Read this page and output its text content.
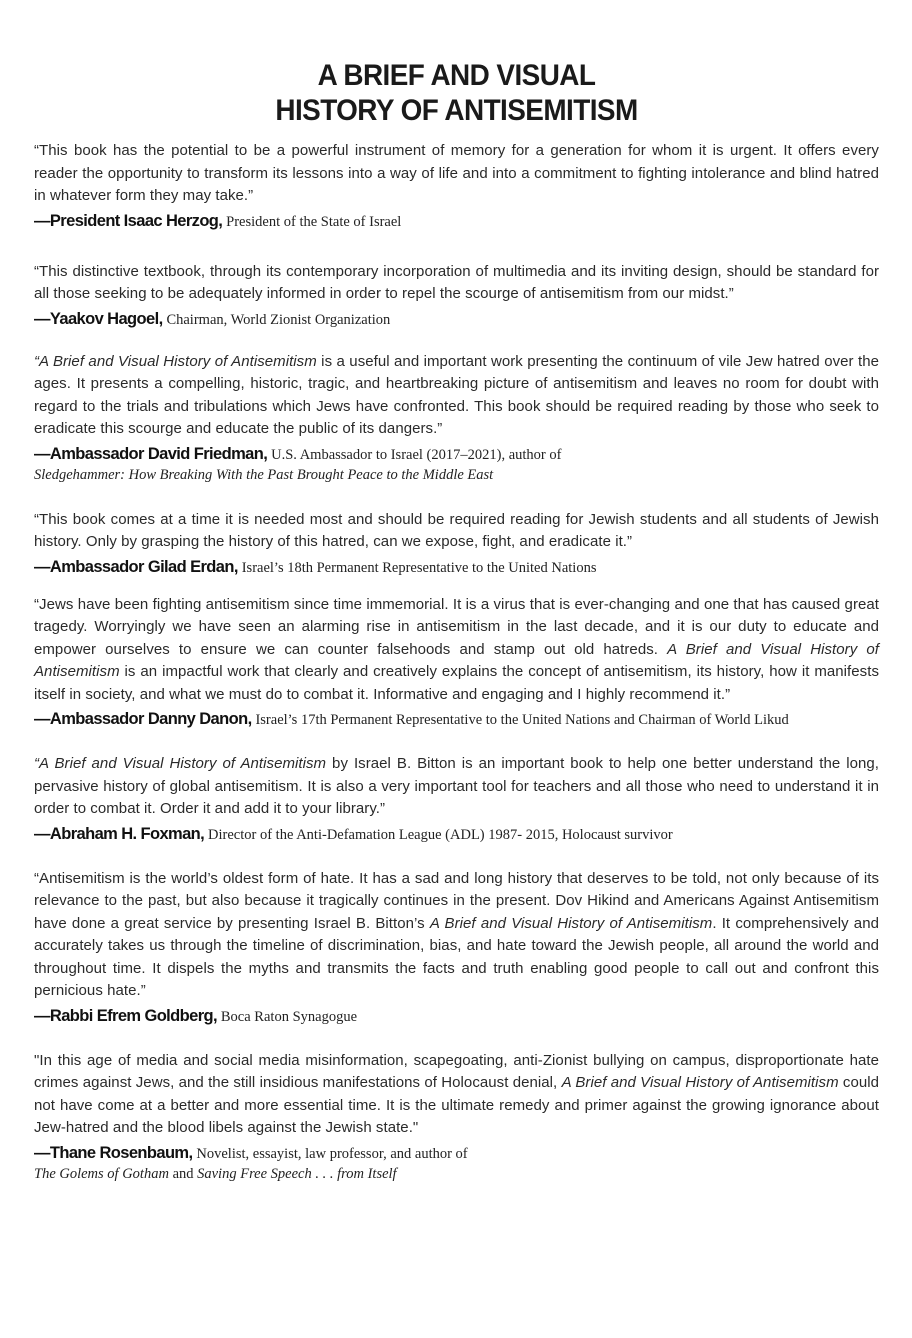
A BRIEF AND VISUAL
HISTORY OF ANTISEMITISM

“This book has the potential to be a powerful instrument of memory for a generation for whom it is urgent. It offers every reader the opportunity to transform its lessons into a way of life and into a commitment to fighting intolerance and blind hatred in whatever form they may take.”

—President Isaac Herzog, President of the State of Israel

“This distinctive textbook, through its contemporary incorporation of multimedia and its inviting design, should be standard for all those seeking to be adequately informed in order to repel the scourge of antisemitism from our midst.”

—Yaakov Hagoel, Chairman, World Zionist Organization

“A Brief and Visual History of Antisemitism is a useful and important work presenting the continuum of vile Jew hatred over the ages. It presents a compelling, historic, tragic, and heartbreaking picture of antisemitism and leaves no room for doubt with regard to the trials and tribulations which Jews have confronted. This book should be required reading by those who seek to eradicate this scourge and educate the public of its dangers.”

—Ambassador David Friedman, U.S. Ambassador to Israel (2017–2021), author of
Sledgehammer: How Breaking With the Past Brought Peace to the Middle East

“This book comes at a time it is needed most and should be required reading for Jewish students and all students of Jewish history. Only by grasping the history of this hatred, can we expose, fight, and eradicate it.”

—Ambassador Gilad Erdan, Israel’s 18th Permanent Representative to the United Nations

“Jews have been fighting antisemitism since time immemorial. It is a virus that is ever-changing and one that has caused great tragedy. Worryingly we have seen an alarming rise in antisemitism in the last decade, and it is our duty to educate and empower ourselves to ensure we can counter falsehoods and stamp out old hatreds. A Brief and Visual History of Antisemitism is an impactful work that clearly and creatively explains the concept of antisemitism, its history, how it manifests itself in society, and what we must do to combat it. Informative and engaging and I highly recommend it.”

—Ambassador Danny Danon, Israel’s 17th Permanent Representative to the United Nations and Chairman of World Likud

“A Brief and Visual History of Antisemitism by Israel B. Bitton is an important book to help one better understand the long, pervasive history of global antisemitism. It is also a very important tool for teachers and all those who need to understand it in order to combat it. Order it and add it to your library.”

—Abraham H. Foxman, Director of the Anti-Defamation League (ADL) 1987- 2015, Holocaust survivor

“Antisemitism is the world’s oldest form of hate. It has a sad and long history that deserves to be told, not only because of its relevance to the past, but also because it tragically continues in the present. Dov Hikind and Americans Against Antisemitism have done a great service by presenting Israel B. Bitton’s A Brief and Visual History of Antisemitism. It comprehensively and accurately takes us through the timeline of discrimination, bias, and hate toward the Jewish people, all around the world and throughout time. It dispels the myths and transmits the facts and truth enabling good people to call out and confront this pernicious hate.”

—Rabbi Efrem Goldberg, Boca Raton Synagogue

"In this age of media and social media misinformation, scapegoating, anti-Zionist bullying on campus, disproportionate hate crimes against Jews, and the still insidious manifestations of Holocaust denial, A Brief and Visual History of Antisemitism could not have come at a better and more essential time. It is the ultimate remedy and primer against the growing ignorance about Jew-hatred and the blood libels against the Jewish state."

—Thane Rosenbaum, Novelist, essayist, law professor, and author of
The Golems of Gotham and Saving Free Speech . . . from Itself
